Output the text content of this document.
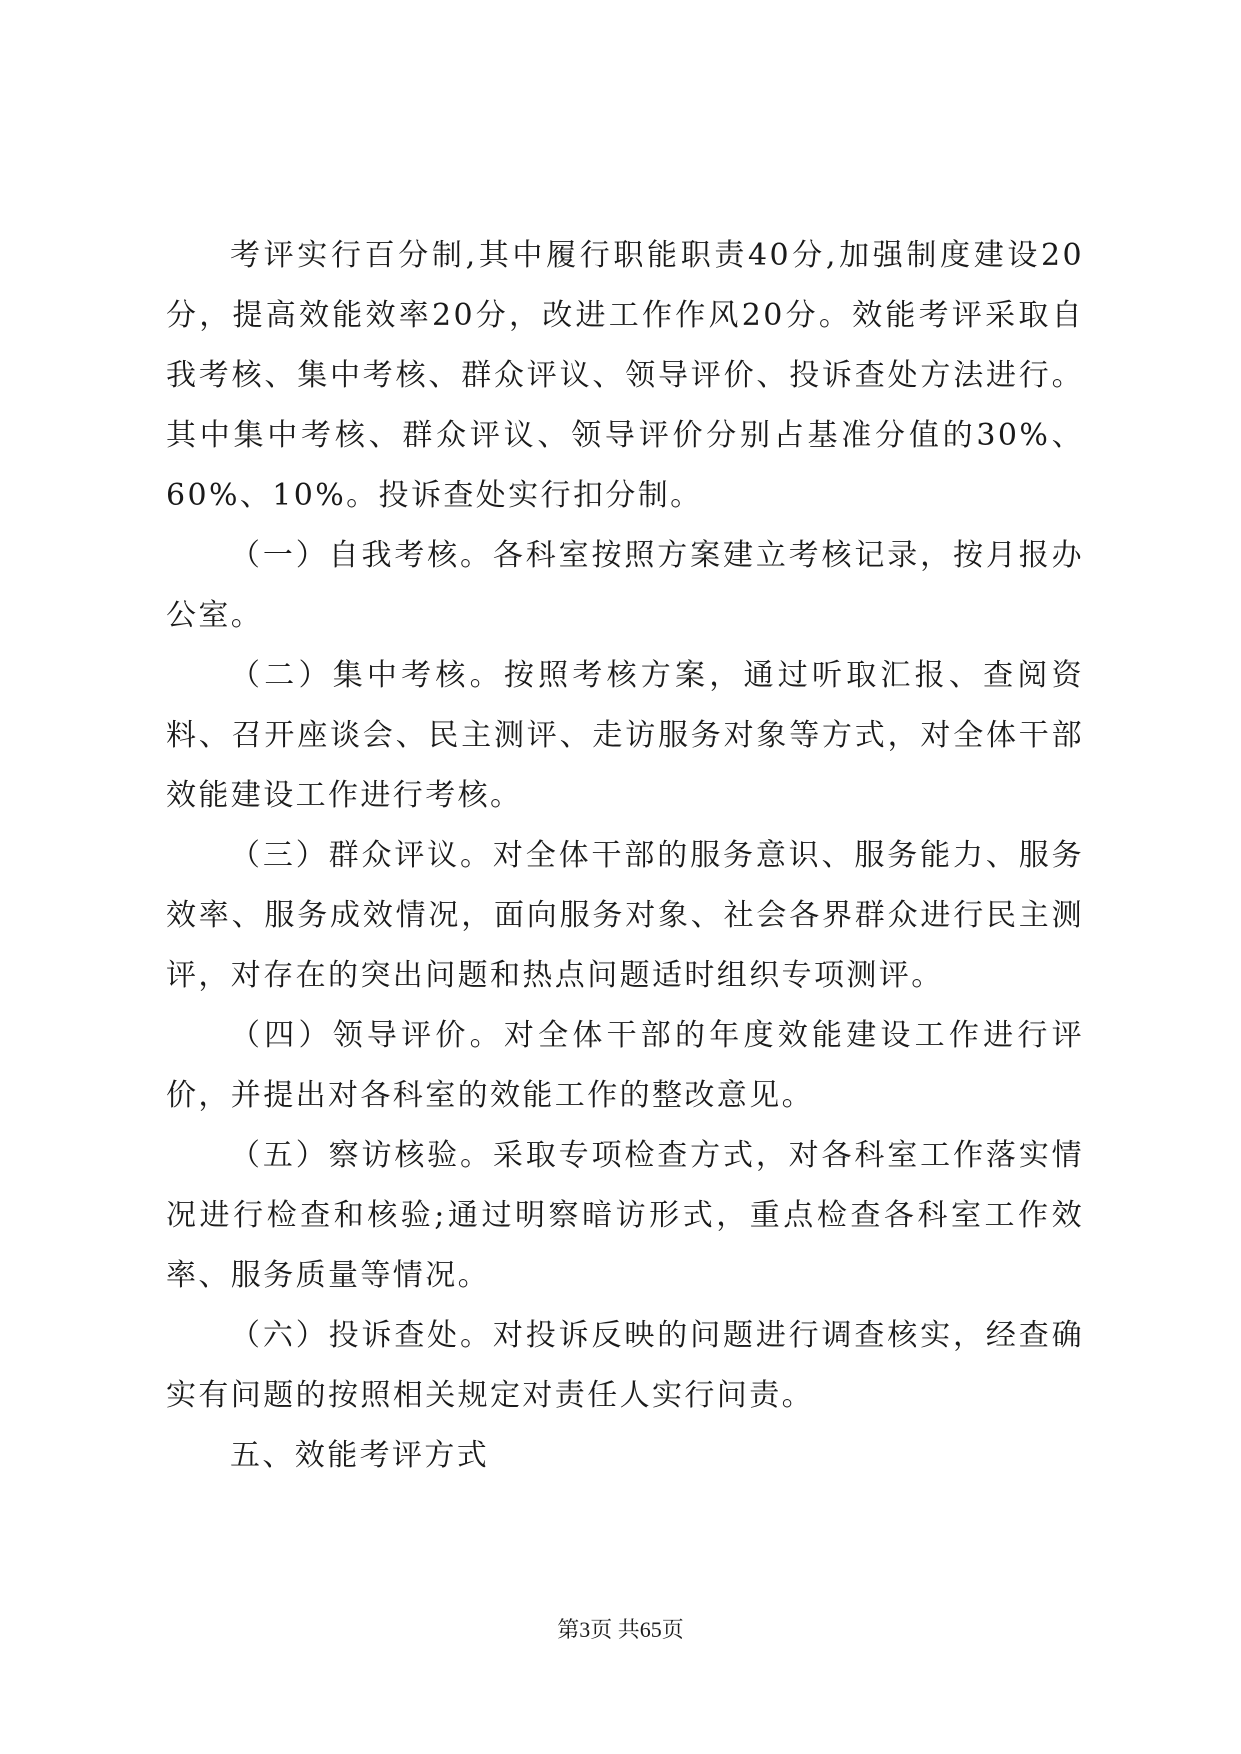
考评实行百分制,其中履行职能职责40分,加强制度建设20分，提高效能效率20分，改进工作作风20分。效能考评采取自我考核、集中考核、群众评议、领导评价、投诉查处方法进行。其中集中考核、群众评议、领导评价分别占基准分值的30%、60%、10%。投诉查处实行扣分制。

（一）自我考核。各科室按照方案建立考核记录，按月报办公室。

（二）集中考核。按照考核方案，通过听取汇报、查阅资料、召开座谈会、民主测评、走访服务对象等方式，对全体干部效能建设工作进行考核。

（三）群众评议。对全体干部的服务意识、服务能力、服务效率、服务成效情况，面向服务对象、社会各界群众进行民主测评，对存在的突出问题和热点问题适时组织专项测评。

（四）领导评价。对全体干部的年度效能建设工作进行评价，并提出对各科室的效能工作的整改意见。

（五）察访核验。采取专项检查方式，对各科室工作落实情况进行检查和核验;通过明察暗访形式，重点检查各科室工作效率、服务质量等情况。

（六）投诉查处。对投诉反映的问题进行调查核实，经查确实有问题的按照相关规定对责任人实行问责。

五、效能考评方式

第3页 共65页
